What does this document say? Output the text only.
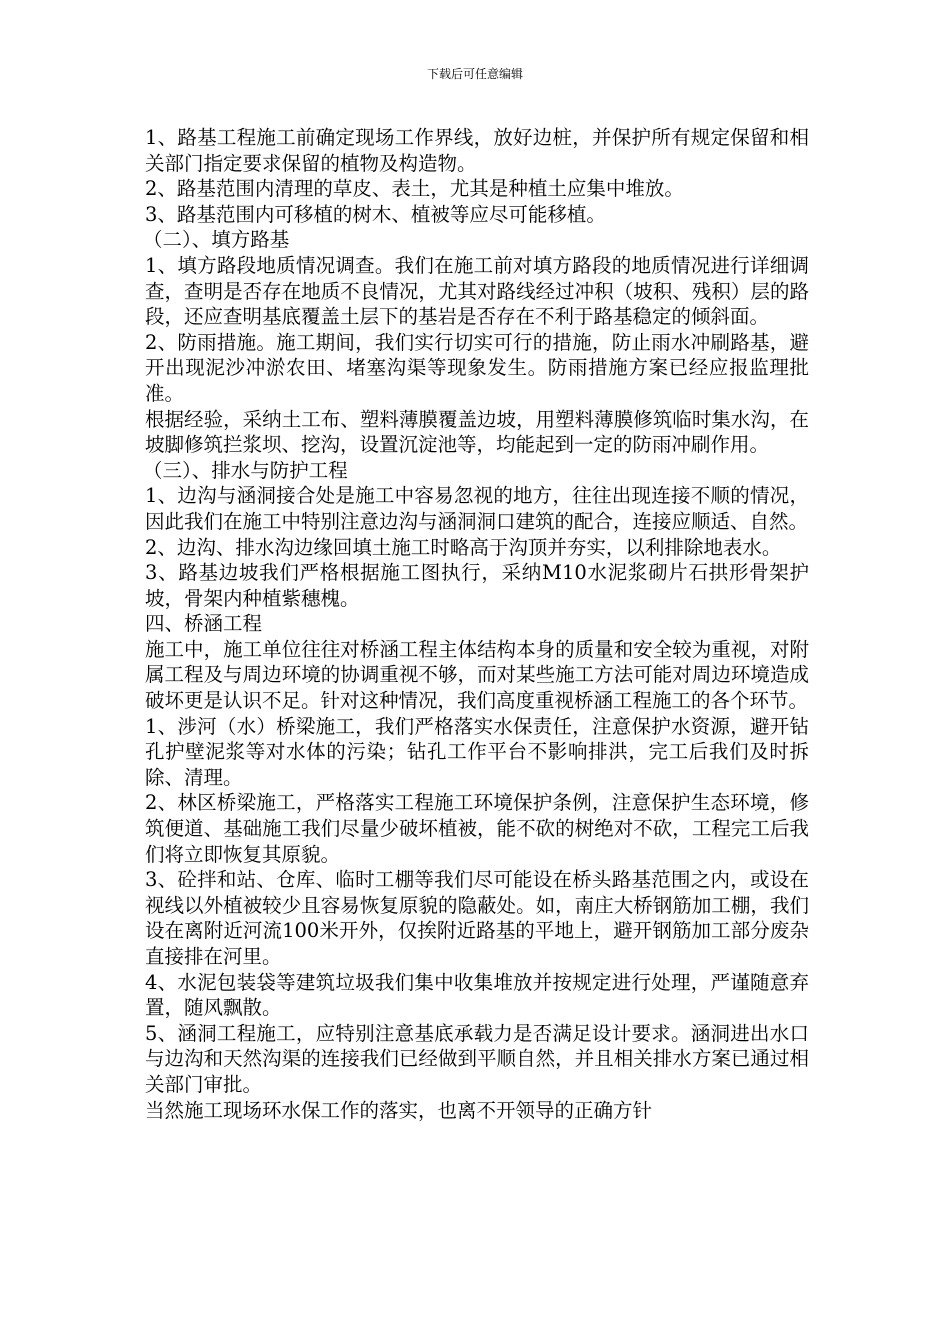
下载后可任意编辑

1、路基工程施工前确定现场工作界线，放好边桩，并保护所有规定保留和相关部门指定要求保留的植物及构造物。

2、路基范围内清理的草皮、表土，尤其是种植土应集中堆放。

3、路基范围内可移植的树木、植被等应尽可能移植。

（二）、填方路基

1、填方路段地质情况调查。我们在施工前对填方路段的地质情况进行详细调查，查明是否存在地质不良情况，尤其对路线经过冲积（坡积、残积）层的路段，还应查明基底覆盖土层下的基岩是否存在不利于路基稳定的倾斜面。

2、防雨措施。施工期间，我们实行切实可行的措施，防止雨水冲刷路基，避开出现泥沙冲淤农田、堵塞沟渠等现象发生。防雨措施方案已经应报监理批准。

根据经验，采纳土工布、塑料薄膜覆盖边坡，用塑料薄膜修筑临时集水沟，在坡脚修筑拦浆坝、挖沟，设置沉淀池等，均能起到一定的防雨冲刷作用。

（三）、排水与防护工程

1、边沟与涵洞接合处是施工中容易忽视的地方，往往出现连接不顺的情况，因此我们在施工中特别注意边沟与涵洞洞口建筑的配合，连接应顺适、自然。

2、边沟、排水沟边缘回填土施工时略高于沟顶并夯实，以利排除地表水。

3、路基边坡我们严格根据施工图执行，采纳M10水泥浆砌片石拱形骨架护坡，骨架内种植紫穗槐。

四、桥涵工程

施工中，施工单位往往对桥涵工程主体结构本身的质量和安全较为重视，对附属工程及与周边环境的协调重视不够，而对某些施工方法可能对周边环境造成破坏更是认识不足。针对这种情况，我们高度重视桥涵工程施工的各个环节。

1、涉河（水）桥梁施工，我们严格落实水保责任，注意保护水资源，避开钻孔护壁泥浆等对水体的污染；钻孔工作平台不影响排洪，完工后我们及时拆除、清理。

2、林区桥梁施工，严格落实工程施工环境保护条例，注意保护生态环境，修筑便道、基础施工我们尽量少破坏植被，能不砍的树绝对不砍，工程完工后我们将立即恢复其原貌。

3、砼拌和站、仓库、临时工棚等我们尽可能设在桥头路基范围之内，或设在视线以外植被较少且容易恢复原貌的隐蔽处。如，南庄大桥钢筋加工棚，我们设在离附近河流100米开外，仅挨附近路基的平地上，避开钢筋加工部分废杂直接排在河里。

4、水泥包装袋等建筑垃圾我们集中收集堆放并按规定进行处理，严谨随意弃置，随风飘散。

5、涵洞工程施工，应特别注意基底承载力是否满足设计要求。涵洞进出水口与边沟和天然沟渠的连接我们已经做到平顺自然，并且相关排水方案已通过相关部门审批。

当然施工现场环水保工作的落实，也离不开领导的正确方针
